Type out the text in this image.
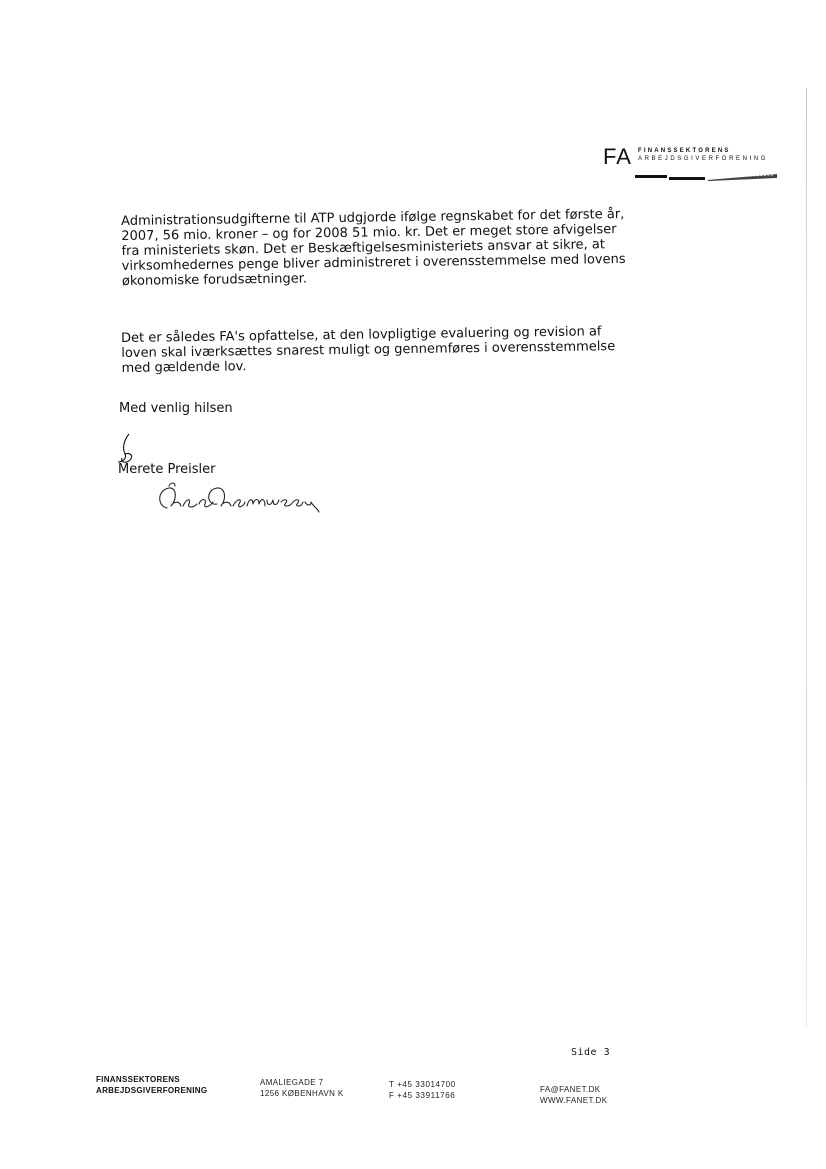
FA FINANSSEKTORENS
ARBEJDSGIVERFORENING

Administrationsudgifterne til ATP udgjorde ifølge regnskabet for det første år,
2007, 56 mio. kroner – og for 2008 51 mio. kr. Det er meget store afvigelser
fra ministeriets skøn. Det er Beskæftigelsesministeriets ansvar at sikre, at
virksomhedernes penge bliver administreret i overensstemmelse med lovens
økonomiske forudsætninger.

Det er således FA's opfattelse, at den lovpligtige evaluering og revision af
loven skal iværksættes snarest muligt og gennemføres i overensstemmelse
med gældende lov.

Med venlig hilsen

Merete Preisler

Side 3
FINANSSEKTORENS
ARBEJDSGIVERFORENING
AMALIEGADE 7
1256 KØBENHAVN K
T +45 33014700
F +45 33911766
FA@FANET.DK
WWW.FANET.DK
